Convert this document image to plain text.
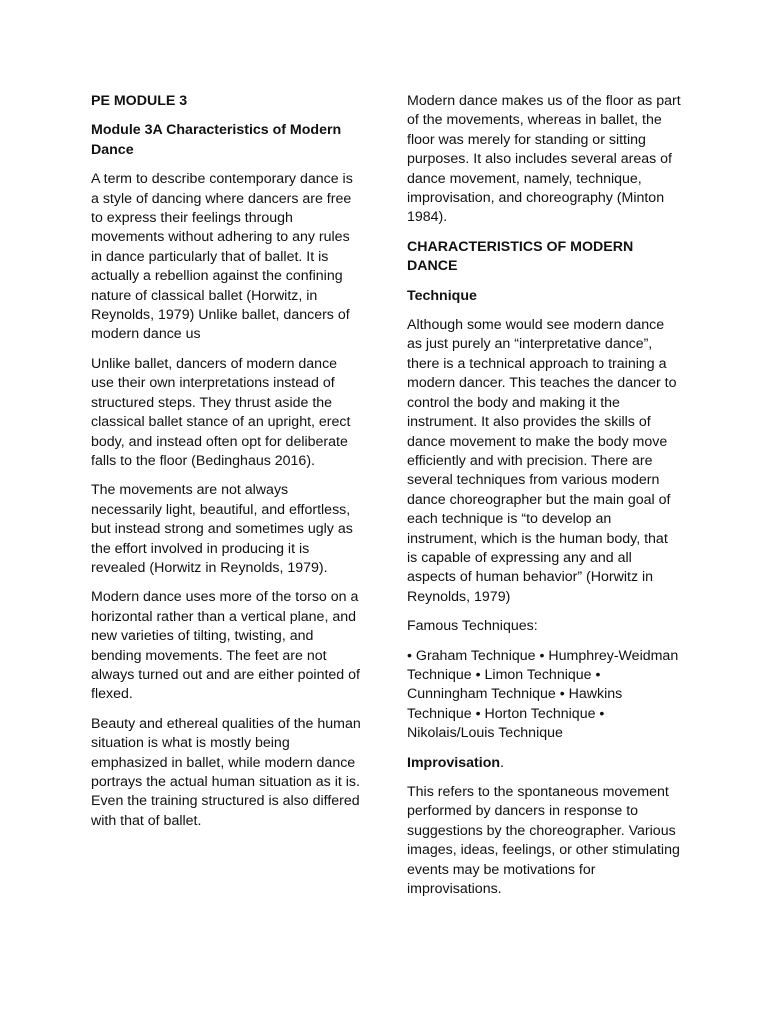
PE MODULE 3

Module 3A Characteristics of Modern Dance

A term to describe contemporary dance is a style of dancing where dancers are free to express their feelings through movements without adhering to any rules in dance particularly that of ballet. It is actually a rebellion against the confining nature of classical ballet (Horwitz, in Reynolds, 1979) Unlike ballet, dancers of modern dance us

Unlike ballet, dancers of modern dance use their own interpretations instead of structured steps. They thrust aside the classical ballet stance of an upright, erect body, and instead often opt for deliberate falls to the floor (Bedinghaus 2016).

The movements are not always necessarily light, beautiful, and effortless, but instead strong and sometimes ugly as the effort involved in producing it is revealed (Horwitz in Reynolds, 1979).

Modern dance uses more of the torso on a horizontal rather than a vertical plane, and new varieties of tilting, twisting, and bending movements. The feet are not always turned out and are either pointed of flexed.

Beauty and ethereal qualities of the human situation is what is mostly being emphasized in ballet, while modern dance portrays the actual human situation as it is. Even the training structured is also differed with that of ballet.

Modern dance makes us of the floor as part of the movements, whereas in ballet, the floor was merely for standing or sitting purposes. It also includes several areas of dance movement, namely, technique, improvisation, and choreography (Minton 1984).

CHARACTERISTICS OF MODERN DANCE

Technique

Although some would see modern dance as just purely an “interpretative dance”, there is a technical approach to training a modern dancer. This teaches the dancer to control the body and making it the instrument. It also provides the skills of dance movement to make the body move efficiently and with precision. There are several techniques from various modern dance choreographer but the main goal of each technique is “to develop an instrument, which is the human body, that is capable of expressing any and all aspects of human behavior” (Horwitz in Reynolds, 1979)

Famous Techniques:

• Graham Technique • Humphrey-Weidman Technique • Limon Technique • Cunningham Technique • Hawkins Technique • Horton Technique • Nikolais/Louis Technique

Improvisation.

This refers to the spontaneous movement performed by dancers in response to suggestions by the choreographer. Various images, ideas, feelings, or other stimulating events may be motivations for improvisations.
